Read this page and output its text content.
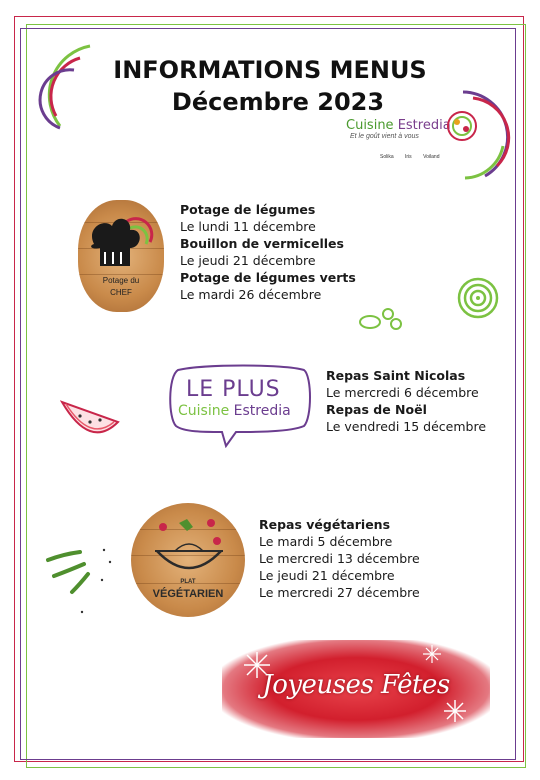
INFORMATIONS MENUS
Décembre 2023
Cuisine Estredia
Et le goût vient à vous
Solika Iris Voiland
Potage du
CHEF
Potage de légumes
Le lundi 11 décembre
Bouillon de vermicelles
Le jeudi 21 décembre
Potage de légumes verts
Le mardi 26 décembre
LE PLUS
Cuisine Estredia
Repas Saint Nicolas
Le mercredi 6 décembre
Repas de Noël
Le vendredi 15 décembre
PLAT
VÉGÉTARIEN
Repas végétariens
Le mardi 5 décembre
Le mercredi 13 décembre
Le jeudi 21 décembre
Le mercredi 27 décembre
Joyeuses Fêtes
